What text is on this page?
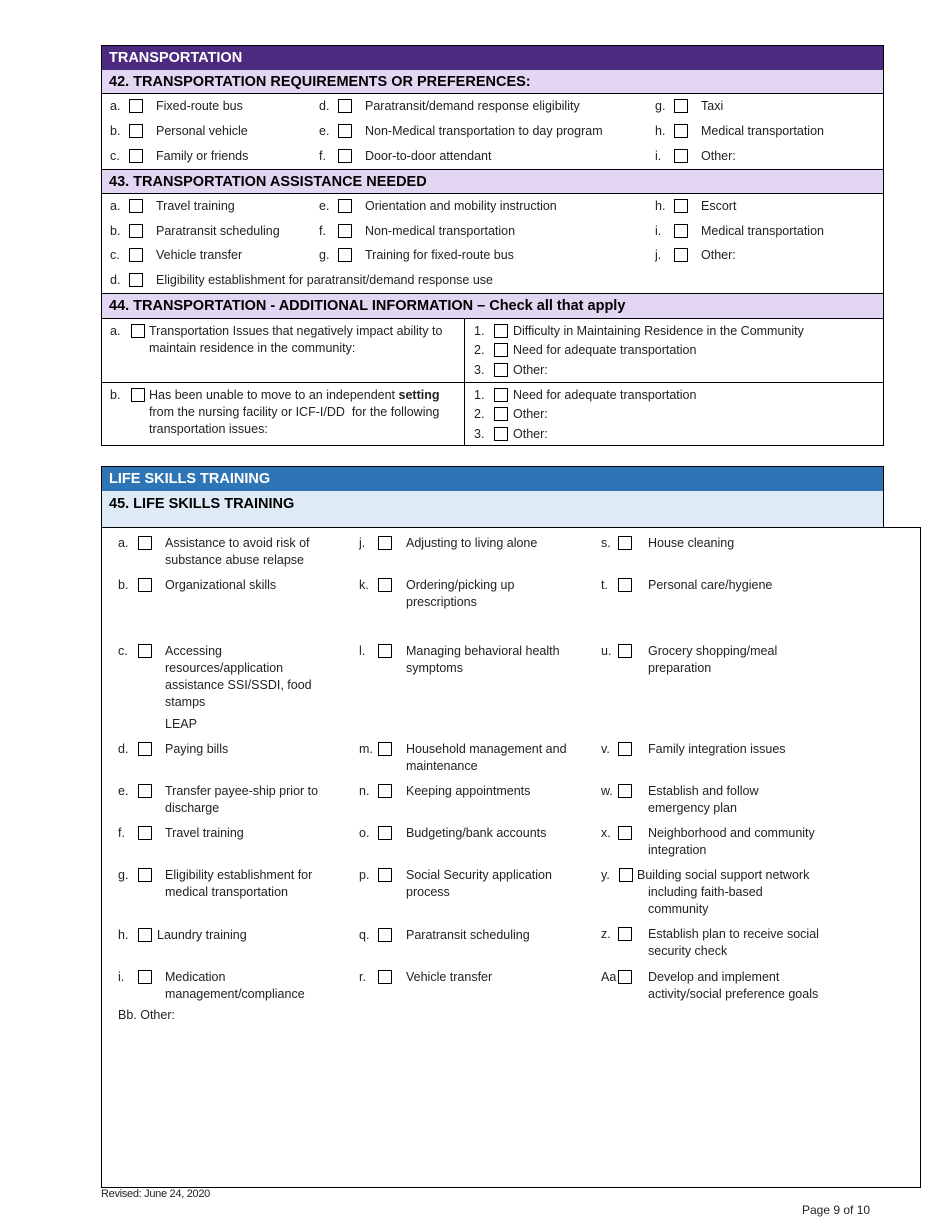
TRANSPORTATION
42. TRANSPORTATION REQUIREMENTS OR PREFERENCES:
a.	Fixed-route bus
b.	Personal vehicle
c.	Family or friends
d.	Paratransit/demand response eligibility
e.	Non-Medical transportation to day program
f.	Door-to-door attendant
g.	Taxi
h.	Medical transportation
i.	Other:
43. TRANSPORTATION ASSISTANCE NEEDED
a.	Travel training
b.	Paratransit scheduling
c.	Vehicle transfer
d.	Eligibility establishment for paratransit/demand response use
e.	Orientation and mobility instruction
f.	Non-medical transportation
g.	Training for fixed-route bus
h.	Escort
i.	Medical transportation
j.	Other:
44. TRANSPORTATION - ADDITIONAL INFORMATION – Check all that apply
a. Transportation Issues that negatively impact ability to
maintain residence in the community:
1. Difficulty in Maintaining Residence in the Community
2. Need for adequate transportation
3. Other:
b. Has been unable to move to an independent setting
from the nursing facility or ICF-I/DD  for the following
transportation issues:
1. Need for adequate transportation
2. Other:
3. Other:
LIFE SKILLS TRAINING
45. LIFE SKILLS TRAINING
a.	Assistance to avoid risk of
substance abuse relapse
b.	Organizational skills
c.	Accessing
resources/application
assistance SSI/SSDI, food
stamps
LEAP
d.	Paying bills
e.	Transfer payee-ship prior to
discharge
f.	Travel training
g.	Eligibility establishment for
medical transportation
h. Laundry training
i.	Medication
management/compliance
j.	Adjusting to living alone
k.	Ordering/picking up
prescriptions
l.	Managing behavioral health
symptoms
m.	Household management and
maintenance
n.	Keeping appointments
o.	Budgeting/bank accounts
p.	Social Security application
process
q.	Paratransit scheduling
r.	Vehicle transfer
s.	House cleaning
t.	Personal care/hygiene
u.	Grocery shopping/meal
preparation
v.	Family integration issues
w.	Establish and follow
emergency plan
x.	Neighborhood and community
integration
y. Building social support network
including faith-based
community
z.	Establish plan to receive social
security check
Aa	Develop and implement
activity/social preference goals
Bb. Other:
Revised: June 24, 2020
Page 9 of 10
